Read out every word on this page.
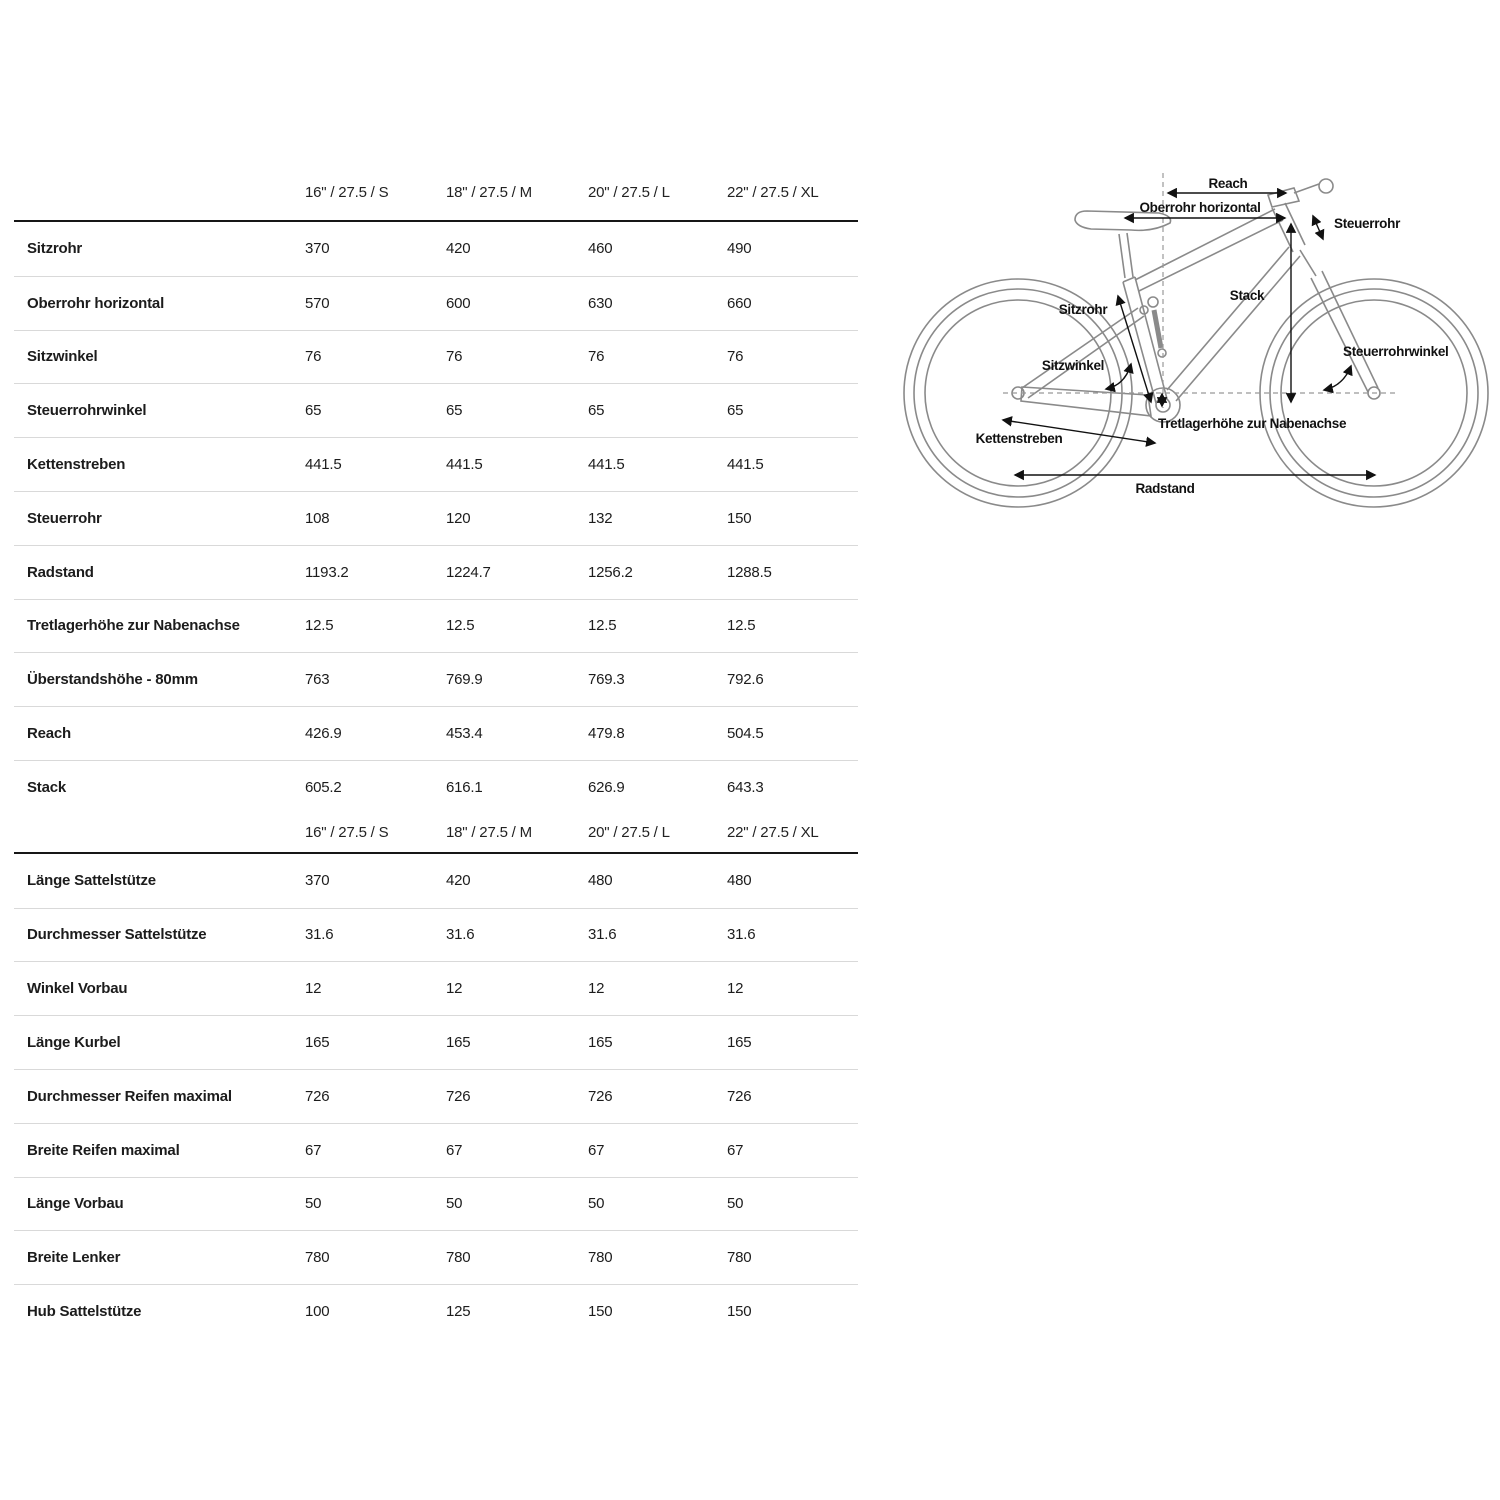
16" / 27.5 / S	18" / 27.5 / M	20" / 27.5 / L	22" / 27.5 / XL
Sitzrohr	370	420	460	490
Oberrohr horizontal	570	600	630	660
Sitzwinkel	76	76	76	76
Steuerrohrwinkel	65	65	65	65
Kettenstreben	441.5	441.5	441.5	441.5
Steuerrohr	108	120	132	150
Radstand	1193.2	1224.7	1256.2	1288.5
Tretlagerhöhe zur Nabenachse	12.5	12.5	12.5	12.5
Überstandshöhe - 80mm	763	769.9	769.3	792.6
Reach	426.9	453.4	479.8	504.5
Stack	605.2	616.1	626.9	643.3
16" / 27.5 / S	18" / 27.5 / M	20" / 27.5 / L	22" / 27.5 / XL
Länge Sattelstütze	370	420	480	480
Durchmesser Sattelstütze	31.6	31.6	31.6	31.6
Winkel Vorbau	12	12	12	12
Länge Kurbel	165	165	165	165
Durchmesser Reifen maximal	726	726	726	726
Breite Reifen maximal	67	67	67	67
Länge Vorbau	50	50	50	50
Breite Lenker	780	780	780	780
Hub Sattelstütze	100	125	150	150
Reach
Oberrohr horizontal
Steuerrohr
Stack
Sitzrohr
Sitzwinkel
Steuerrohrwinkel
Tretlagerhöhe zur Nabenachse
Kettenstreben
Radstand
